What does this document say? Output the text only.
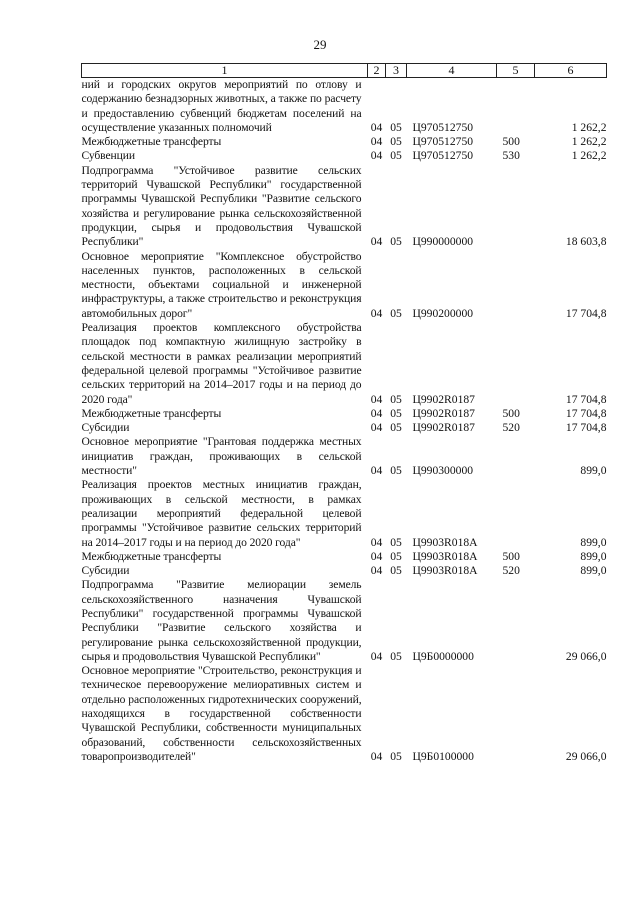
29
1	2	3	4	5	6
ний и городских округов мероприятий по отлову и содержанию безнадзорных животных, а также по расчету и предоставлению субвенций бюджетам поселений на осуществление указанных полномочий	04	05	Ц970512750		1 262,2
Межбюджетные трансферты	04	05	Ц970512750	500	1 262,2
Субвенции	04	05	Ц970512750	530	1 262,2
Подпрограмма "Устойчивое развитие сельских территорий Чувашской Республики" государственной программы Чувашской Республики "Развитие сельского хозяйства и регулирование рынка сельскохозяйственной продукции, сырья и продовольствия Чувашской Республики"	04	05	Ц990000000		18 603,8
Основное мероприятие "Комплексное обустройство населенных пунктов, расположенных в сельской местности, объектами социальной и инженерной инфраструктуры, а также строительство и реконструкция автомобильных дорог"	04	05	Ц990200000		17 704,8
Реализация проектов комплексного обустройства площадок под компактную жилищную застройку в сельской местности в рамках реализации мероприятий федеральной целевой программы "Устойчивое развитие сельских территорий на 2014–2017 годы и на период до 2020 года"	04	05	Ц9902R0187		17 704,8
Межбюджетные трансферты	04	05	Ц9902R0187	500	17 704,8
Субсидии	04	05	Ц9902R0187	520	17 704,8
Основное мероприятие "Грантовая поддержка местных инициатив граждан, проживающих в сельской местности"	04	05	Ц990300000		899,0
Реализация проектов местных инициатив граждан, проживающих в сельской местности, в рамках реализации мероприятий федеральной целевой программы "Устойчивое развитие сельских территорий на 2014–2017 годы и на период до 2020 года"	04	05	Ц9903R018A		899,0
Межбюджетные трансферты	04	05	Ц9903R018A	500	899,0
Субсидии	04	05	Ц9903R018A	520	899,0
Подпрограмма "Развитие мелиорации земель сельскохозяйственного назначения Чувашской Республики" государственной программы Чувашской Республики "Развитие сельского хозяйства и регулирование рынка сельскохозяйственной продукции, сырья и продовольствия Чувашской Республики"	04	05	Ц9Б0000000		29 066,0
Основное мероприятие "Строительство, реконструкция и техническое перевооружение мелиоративных систем и отдельно расположенных гидротехнических сооружений, находящихся в государственной собственности Чувашской Республики, собственности муниципальных образований, собственности сельскохозяйственных товаропроизводителей"	04	05	Ц9Б0100000		29 066,0
